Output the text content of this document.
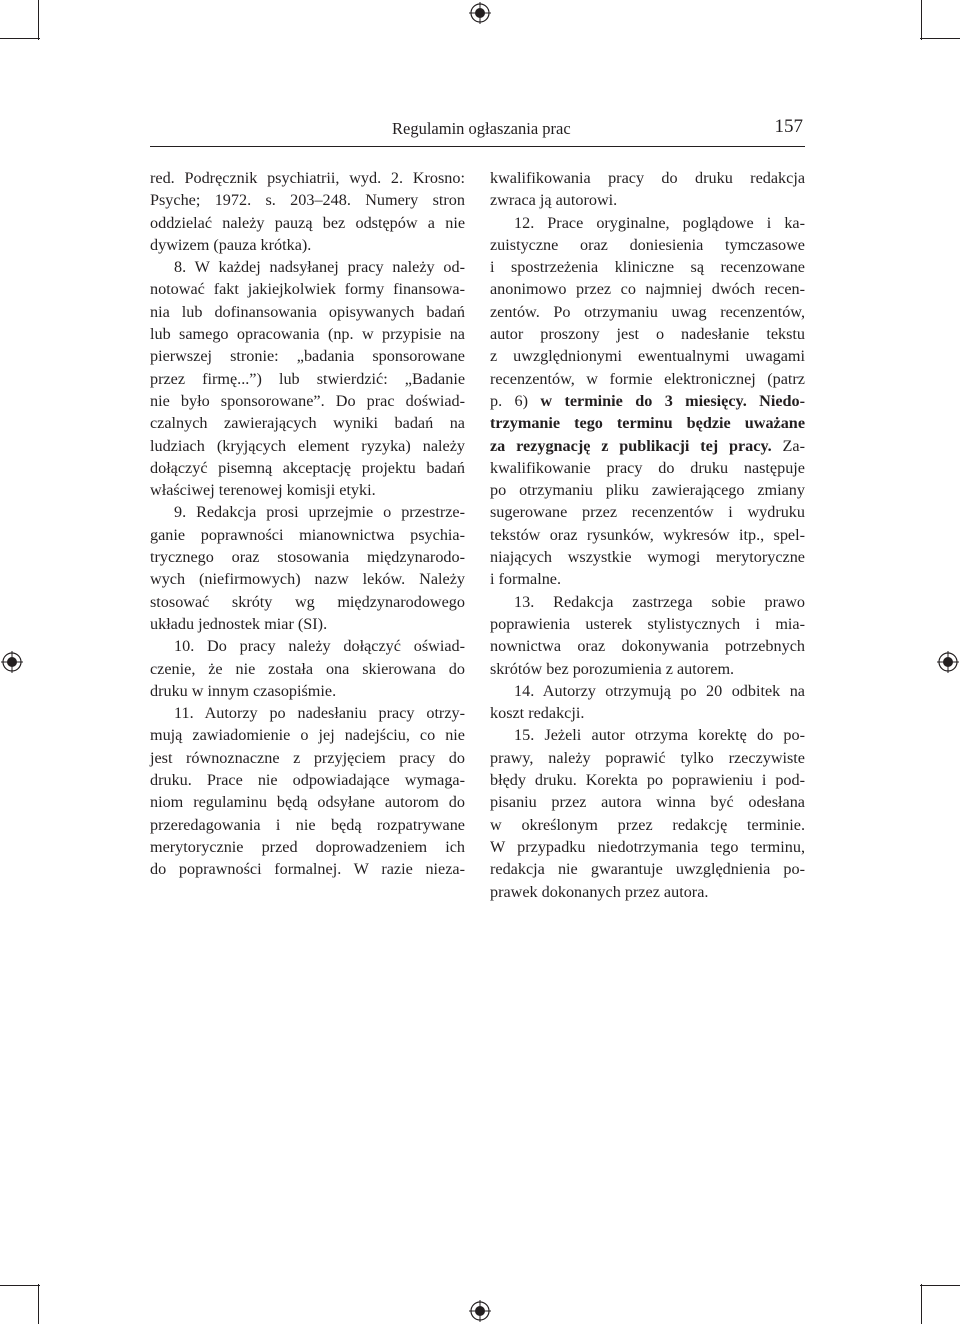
Regulamin ogłaszania prac	157
red. Podręcznik psychiatrii, wyd. 2. Krosno:
Psyche; 1972. s. 203–248. Numery stron
oddzielać należy pauzą bez odstępów a nie
dywizem (pauza krótka).
8. W każdej nadsyłanej pracy należy od-
notować fakt jakiejkolwiek formy finansowa-
nia lub dofinansowania opisywanych badań
lub samego opracowania (np. w przypisie na
pierwszej stronie: „badania sponsorowane
przez firmę...”) lub stwierdzić: „Badanie
nie było sponsorowane”. Do prac doświad-
czalnych zawierających wyniki badań na
ludziach (kryjących element ryzyka) należy
dołączyć pisemną akceptację projektu badań
właściwej terenowej komisji etyki.
9. Redakcja prosi uprzejmie o przestrze-
ganie poprawności mianownictwa psychia-
trycznego oraz stosowania międzynarodo-
wych (niefirmowych) nazw leków. Należy
stosować skróty wg międzynarodowego
układu jednostek miar (SI).
10. Do pracy należy dołączyć oświad-
czenie, że nie została ona skierowana do
druku w innym czasopiśmie.
11. Autorzy po nadesłaniu pracy otrzy-
mują zawiadomienie o jej nadejściu, co nie
jest równoznaczne z przyjęciem pracy do
druku. Prace nie odpowiadające wymaga-
niom regulaminu będą odsyłane autorom do
przeredagowania i nie będą rozpatrywane
merytorycznie przed doprowadzeniem ich
do poprawności formalnej. W razie nieza-
kwalifikowania pracy do druku redakcja
zwraca ją autorowi.
12. Prace oryginalne, poglądowe i ka-
zuistyczne oraz doniesienia tymczasowe
i spostrzeżenia kliniczne są recenzowane
anonimowo przez co najmniej dwóch recen-
zentów. Po otrzymaniu uwag recenzentów,
autor proszony jest o nadesłanie tekstu
z uwzględnionymi ewentualnymi uwagami
recenzentów, w formie elektronicznej (patrz
p. 6) w terminie do 3 miesięcy. Niedo-
trzymanie tego terminu będzie uważane
za rezygnację z publikacji tej pracy. Za-
kwalifikowanie pracy do druku następuje
po otrzymaniu pliku zawierającego zmiany
sugerowane przez recenzentów i wydruku
tekstów oraz rysunków, wykresów itp., spel-
niających wszystkie wymogi merytoryczne
i formalne.
13. Redakcja zastrzega sobie prawo
poprawienia usterek stylistycznych i mia-
nownictwa oraz dokonywania potrzebnych
skrótów bez porozumienia z autorem.
14. Autorzy otrzymują po 20 odbitek na
koszt redakcji.
15. Jeżeli autor otrzyma korektę do po-
prawy, należy poprawić tylko rzeczywiste
błędy druku. Korekta po poprawieniu i pod-
pisaniu przez autora winna być odesłana
w określonym przez redakcję terminie.
W przypadku niedotrzymania tego terminu,
redakcja nie gwarantuje uwzględnienia po-
prawek dokonanych przez autora.
